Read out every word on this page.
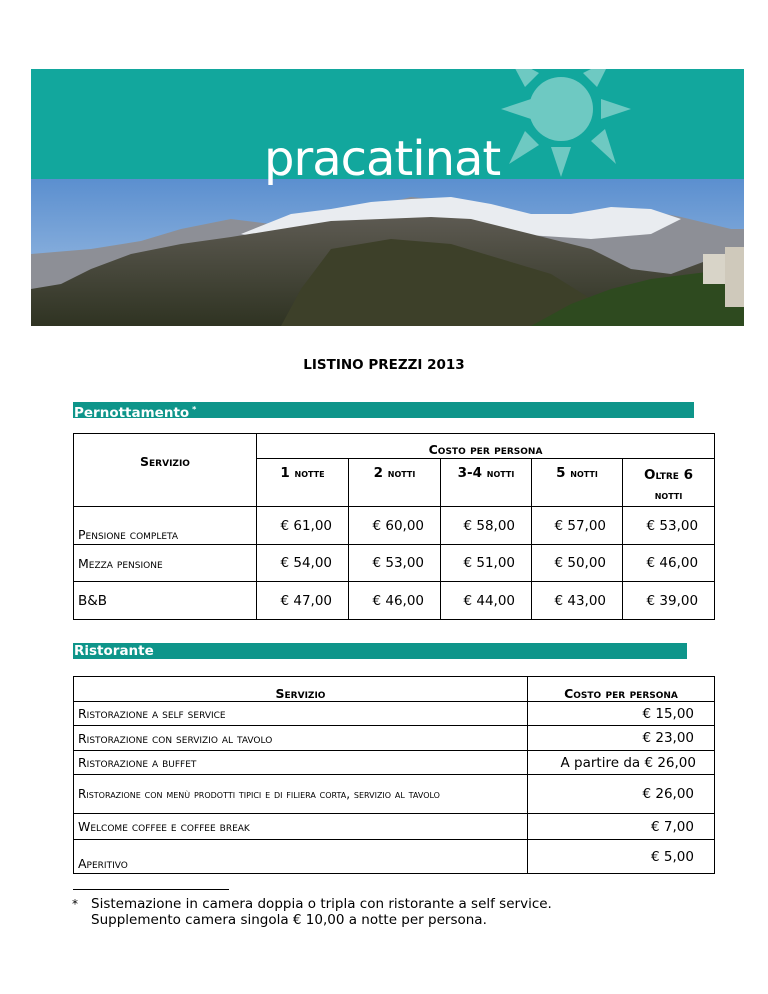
pracatinat
LISTINO PREZZI 2013
Pernottamento *
Servizio	Costo per persona				
	1 notte	2 notti	3-4 notti	5 notti	Oltre 6
notti
Pensione completa	€ 61,00	€ 60,00	€ 58,00	€ 57,00	€ 53,00
Mezza pensione	€ 54,00	€ 53,00	€ 51,00	€ 50,00	€ 46,00
B&B	€ 47,00	€ 46,00	€ 44,00	€ 43,00	€ 39,00
Ristorante
Servizio	Costo per persona
Ristorazione a self service	€ 15,00
Ristorazione con servizio al tavolo	€ 23,00
Ristorazione a buffet	A partire da € 26,00
Ristorazione con menù prodotti tipici e di filiera corta, servizio al tavolo	€ 26,00
Welcome coffee e coffee break	€ 7,00
Aperitivo	€ 5,00
* Sistemazione in camera doppia o tripla con ristorante a self service.
Supplemento camera singola € 10,00 a notte per persona.
